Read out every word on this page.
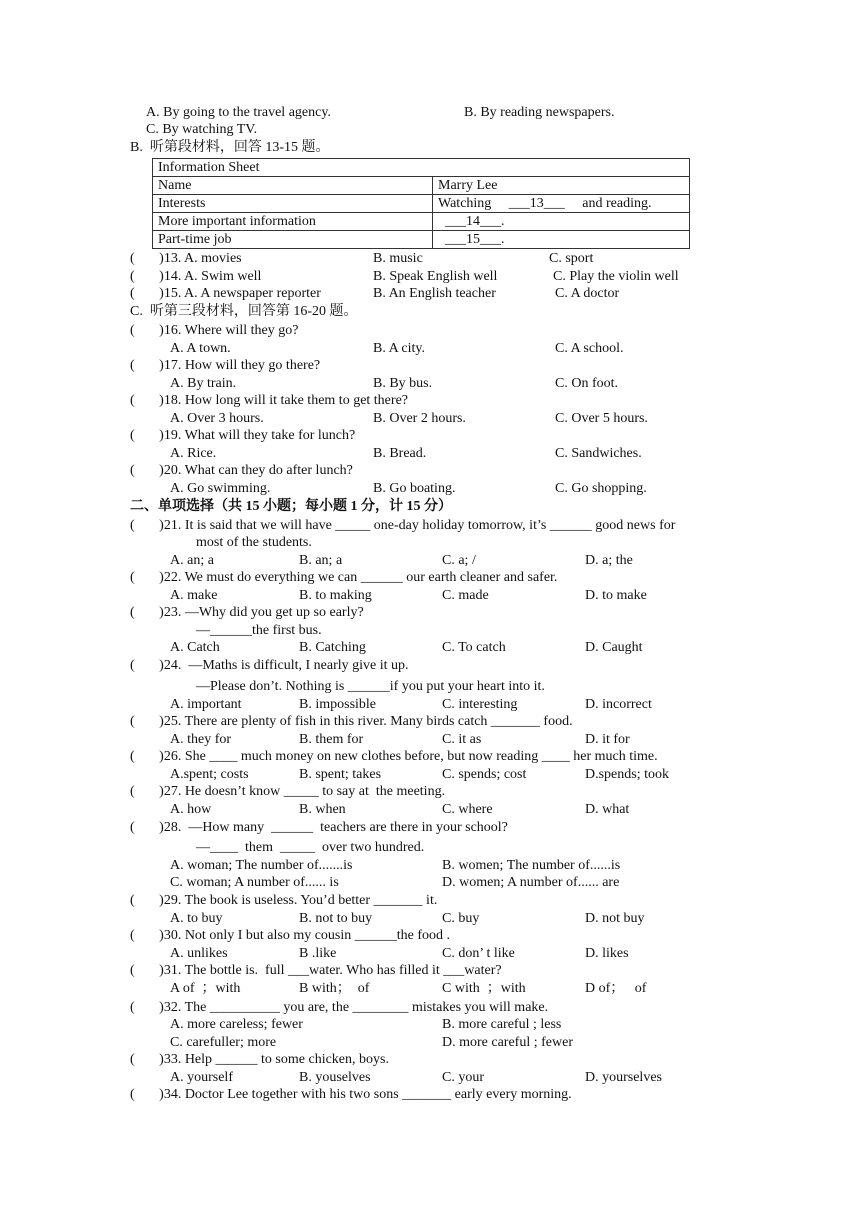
A. By going to the travel agency.	B. By reading newspapers.
C. By watching TV.
B.  听第段材料，回答 13-15 题。
Information Sheet	
Name	Marry Lee
Interests	Watching     ___13___     and reading.
More important information	___14___.
Part-time job	___15___.
(       )13. A. movies	B. music	C. sport
(       )14. A. Swim well	B. Speak English well	C. Play the violin well
(       )15. A. A newspaper reporter	B. An English teacher	C. A doctor
C.  听第三段材料，回答第 16-20 题。
(       )16. Where will they go?
A. A town.	B. A city.	C. A school.
(       )17. How will they go there?
A. By train.	B. By bus.	C. On foot.
(       )18. How long will it take them to get there?
A. Over 3 hours.	B. Over 2 hours.	C. Over 5 hours.
(       )19. What will they take for lunch?
A. Rice.	B. Bread.	C. Sandwiches.
(       )20. What can they do after lunch?
A. Go swimming.	B. Go boating.	C. Go shopping.
二、单项选择（共 15 小题；每小题 1 分，计 15 分）
(       )21. It is said that we will have _____ one-day holiday tomorrow, it’s ______ good news for
most of the students.
A. an; a	B. an; a	C. a; /	D. a; the
(       )22. We must do everything we can ______ our earth cleaner and safer.
A. make	B. to making	C. made	D. to make
(       )23. —Why did you get up so early?
—______the first bus.
A. Catch	B. Catching	C. To catch	D. Caught
(       )24.  —Maths is difficult, I nearly give it up.
—Please don’t. Nothing is ______if you put your heart into it.
A. important	B. impossible	C. interesting	D. incorrect
(       )25. There are plenty of fish in this river. Many birds catch _______ food.
A. they for	B. them for	C. it as	D. it for
(       )26. She ____ much money on new clothes before, but now reading ____ her much time.
A.spent; costs	B. spent; takes	C. spends; cost	D.spends; took
(       )27. He doesn’t know _____ to say at  the meeting.
A. how	B. when	C. where	D. what
(       )28.  —How many  ______  teachers are there in your school?
—____  them  _____  over two hundred.
A. woman; The number of.......is	B. women; The number of......is
C. woman; A number of...... is	D. women; A number of...... are
(       )29. The book is useless. You’d better _______ it.
A. to buy	B. not to buy	C. buy	D. not buy
(       )30. Not only I but also my cousin ______the food .
A. unlikes	B .like	C. don’ t like	D. likes
(       )31. The bottle is.  full ___water. Who has filled it ___water?
A of  ；with	B with；  of	C with  ；with	D of；   of
(       )32. The __________ you are, the ________ mistakes you will make.
A. more careless; fewer	B. more careful ; less
C. carefuller; more	D. more careful ; fewer
(       )33. Help ______ to some chicken, boys.
A. yourself	B. youselves	C. your	D. yourselves
(       )34. Doctor Lee together with his two sons _______ early every morning.
